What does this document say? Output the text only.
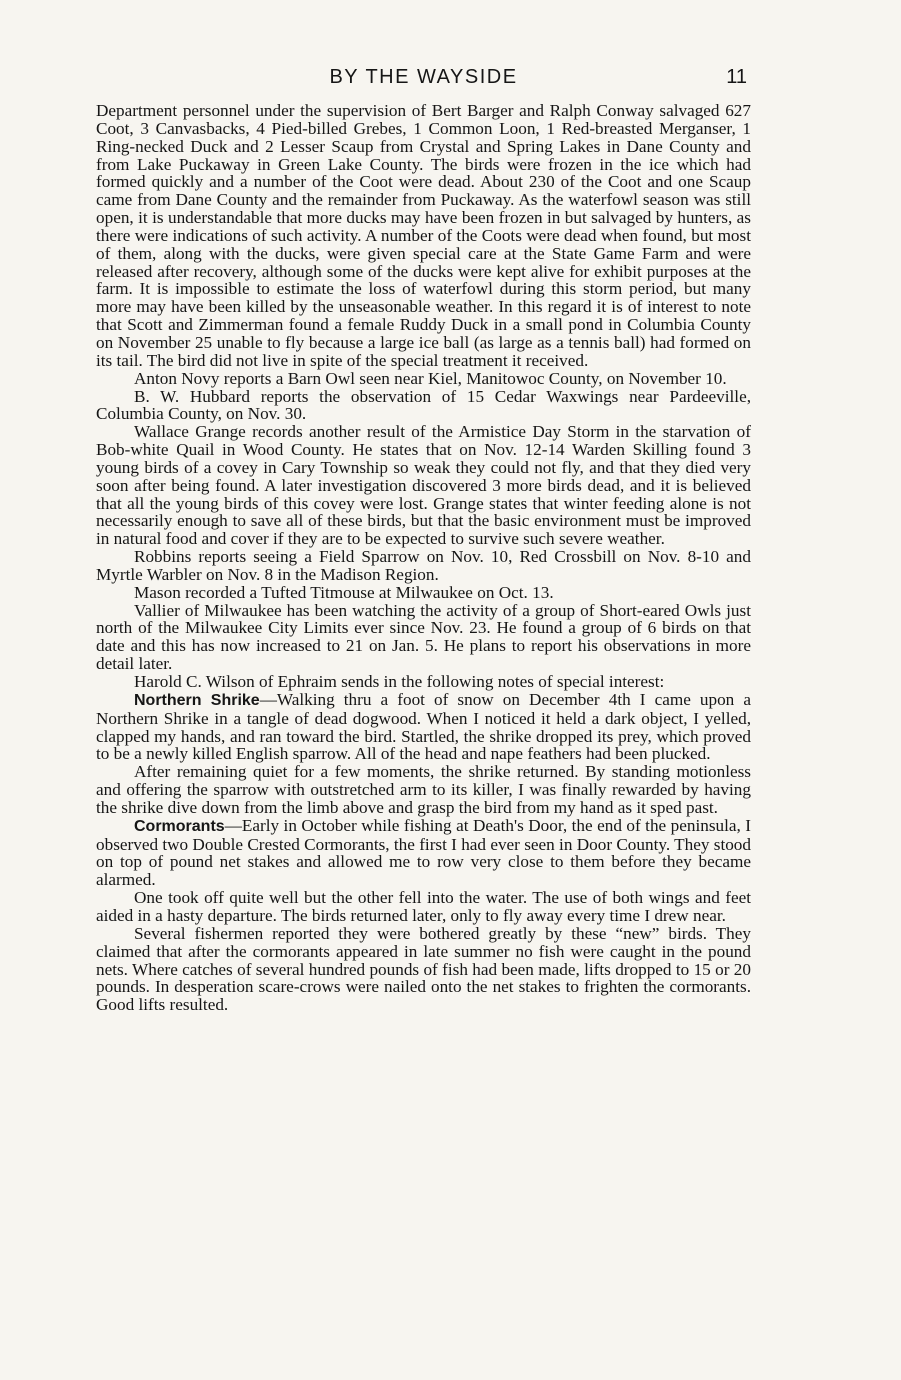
BY THE WAYSIDE	11

Department personnel under the supervision of Bert Barger and Ralph Conway salvaged 627 Coot, 3 Canvasbacks, 4 Pied-billed Grebes, 1 Common Loon, 1 Red-breasted Merganser, 1 Ring-necked Duck and 2 Lesser Scaup from Crystal and Spring Lakes in Dane County and from Lake Puckaway in Green Lake County. The birds were frozen in the ice which had formed quickly and a number of the Coot were dead. About 230 of the Coot and one Scaup came from Dane County and the remainder from Puckaway. As the waterfowl season was still open, it is understandable that more ducks may have been frozen in but salvaged by hunters, as there were indications of such activity. A number of the Coots were dead when found, but most of them, along with the ducks, were given special care at the State Game Farm and were released after recovery, although some of the ducks were kept alive for exhibit purposes at the farm. It is impossible to estimate the loss of waterfowl during this storm period, but many more may have been killed by the unseasonable weather. In this regard it is of interest to note that Scott and Zimmerman found a female Ruddy Duck in a small pond in Columbia County on November 25 unable to fly because a large ice ball (as large as a tennis ball) had formed on its tail. The bird did not live in spite of the special treatment it received.

Anton Novy reports a Barn Owl seen near Kiel, Manitowoc County, on November 10.

B. W. Hubbard reports the observation of 15 Cedar Waxwings near Pardeeville, Columbia County, on Nov. 30.

Wallace Grange records another result of the Armistice Day Storm in the starvation of Bob-white Quail in Wood County. He states that on Nov. 12-14 Warden Skilling found 3 young birds of a covey in Cary Township so weak they could not fly, and that they died very soon after being found. A later investigation discovered 3 more birds dead, and it is believed that all the young birds of this covey were lost. Grange states that winter feeding alone is not necessarily enough to save all of these birds, but that the basic environment must be improved in natural food and cover if they are to be expected to survive such severe weather.

Robbins reports seeing a Field Sparrow on Nov. 10, Red Crossbill on Nov. 8-10 and Myrtle Warbler on Nov. 8 in the Madison Region.

Mason recorded a Tufted Titmouse at Milwaukee on Oct. 13.

Vallier of Milwaukee has been watching the activity of a group of Short-eared Owls just north of the Milwaukee City Limits ever since Nov. 23. He found a group of 6 birds on that date and this has now increased to 21 on Jan. 5. He plans to report his observations in more detail later.

Harold C. Wilson of Ephraim sends in the following notes of special interest:

Northern Shrike—Walking thru a foot of snow on December 4th I came upon a Northern Shrike in a tangle of dead dogwood. When I noticed it held a dark object, I yelled, clapped my hands, and ran toward the bird. Startled, the shrike dropped its prey, which proved to be a newly killed English sparrow. All of the head and nape feathers had been plucked.

After remaining quiet for a few moments, the shrike returned. By standing motionless and offering the sparrow with outstretched arm to its killer, I was finally rewarded by having the shrike dive down from the limb above and grasp the bird from my hand as it sped past.

Cormorants—Early in October while fishing at Death's Door, the end of the peninsula, I observed two Double Crested Cormorants, the first I had ever seen in Door County. They stood on top of pound net stakes and allowed me to row very close to them before they became alarmed.

One took off quite well but the other fell into the water. The use of both wings and feet aided in a hasty departure. The birds returned later, only to fly away every time I drew near.

Several fishermen reported they were bothered greatly by these “new” birds. They claimed that after the cormorants appeared in late summer no fish were caught in the pound nets. Where catches of several hundred pounds of fish had been made, lifts dropped to 15 or 20 pounds. In desperation scare-crows were nailed onto the net stakes to frighten the cormorants. Good lifts resulted.
